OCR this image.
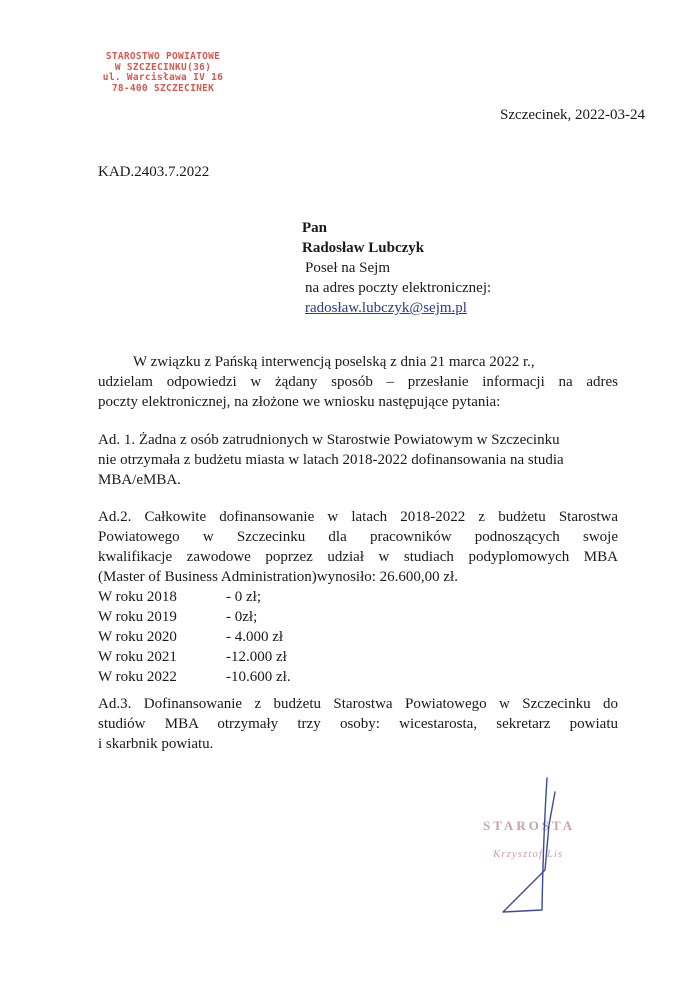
STAROSTWO POWIATOWE
W SZCZECINKU(36)
ul. Warcisława IV 16
78-400 SZCZECINEK
Szczecinek, 2022-03-24
KAD.2403.7.2022
Pan
Radosław Lubczyk
Poseł na Sejm
na adres poczty elektronicznej:
radosław.lubczyk@sejm.pl
W związku z Pańską interwencją poselską z dnia 21 marca 2022 r.,
udzielam odpowiedzi w żądany sposób – przesłanie informacji na adres
poczty elektronicznej, na złożone we wniosku następujące pytania:
Ad. 1. Żadna z osób zatrudnionych w Starostwie Powiatowym w Szczecinku
nie otrzymała z budżetu miasta w latach 2018-2022 dofinansowania na studia
MBA/eMBA.
Ad.2. Całkowite dofinansowanie w latach 2018-2022 z budżetu Starostwa
Powiatowego w Szczecinku dla pracowników podnoszących swoje
kwalifikacje zawodowe poprzez udział w studiach podyplomowych MBA
(Master of Business Administration)wynosiło: 26.600,00 zł.
W roku 2018	- 0 zł;
W roku 2019	- 0zł;
W roku 2020	- 4.000 zł
W roku 2021	-12.000 zł
W roku 2022	-10.600 zł.
Ad.3. Dofinansowanie z budżetu Starostwa Powiatowego w Szczecinku do
studiów MBA otrzymały trzy osoby: wicestarosta, sekretarz powiatu
i skarbnik powiatu.
STAROSTA
Krzysztof Lis
